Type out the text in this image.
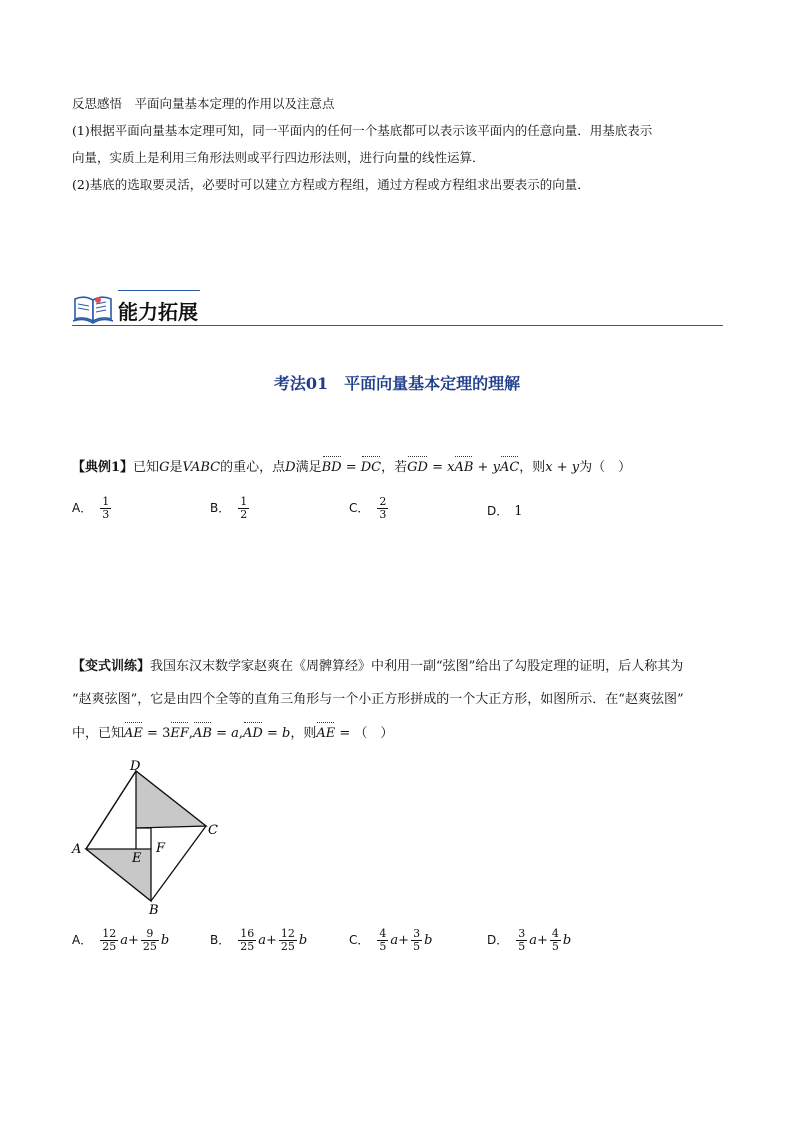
反思感悟　平面向量基本定理的作用以及注意点
(1)根据平面向量基本定理可知，同一平面内的任何一个基底都可以表示该平面内的任意向量．用基底表示
向量，实质上是利用三角形法则或平行四边形法则，进行向量的线性运算．
(2)基底的选取要灵活，必要时可以建立方程或方程组，通过方程或方程组求出要表示的向量．
能力拓展
考法01　平面向量基本定理的理解
【典例1】已知G是VABC的重心，点D满足BD = DC，若GD = xAB + yAC，则x + y为（　）
A． $\frac{1}{3}$	B． $\frac{1}{2}$	C． $\frac{2}{3}$	D． 1
【变式训练】我国东汉末数学家赵爽在《周髀算经》中利用一副“弦图”给出了勾股定理的证明，后人称其为
“赵爽弦图”，它是由四个全等的直角三角形与一个小正方形拼成的一个大正方形，如图所示．在“赵爽弦图”
中，已知AE = 3EF,AB = a,AD = b，则AE = （　）
D
C
A
E
F
B
A． $\frac{12}{25} a+ \frac{9}{25}$ b	B． $\frac{16}{25} a+ \frac{12}{25}$ b	C． $\frac{4}{5} a+ \frac{3}{5}$ b	D． $\frac{3}{5} a+ \frac{4}{5}$ b
